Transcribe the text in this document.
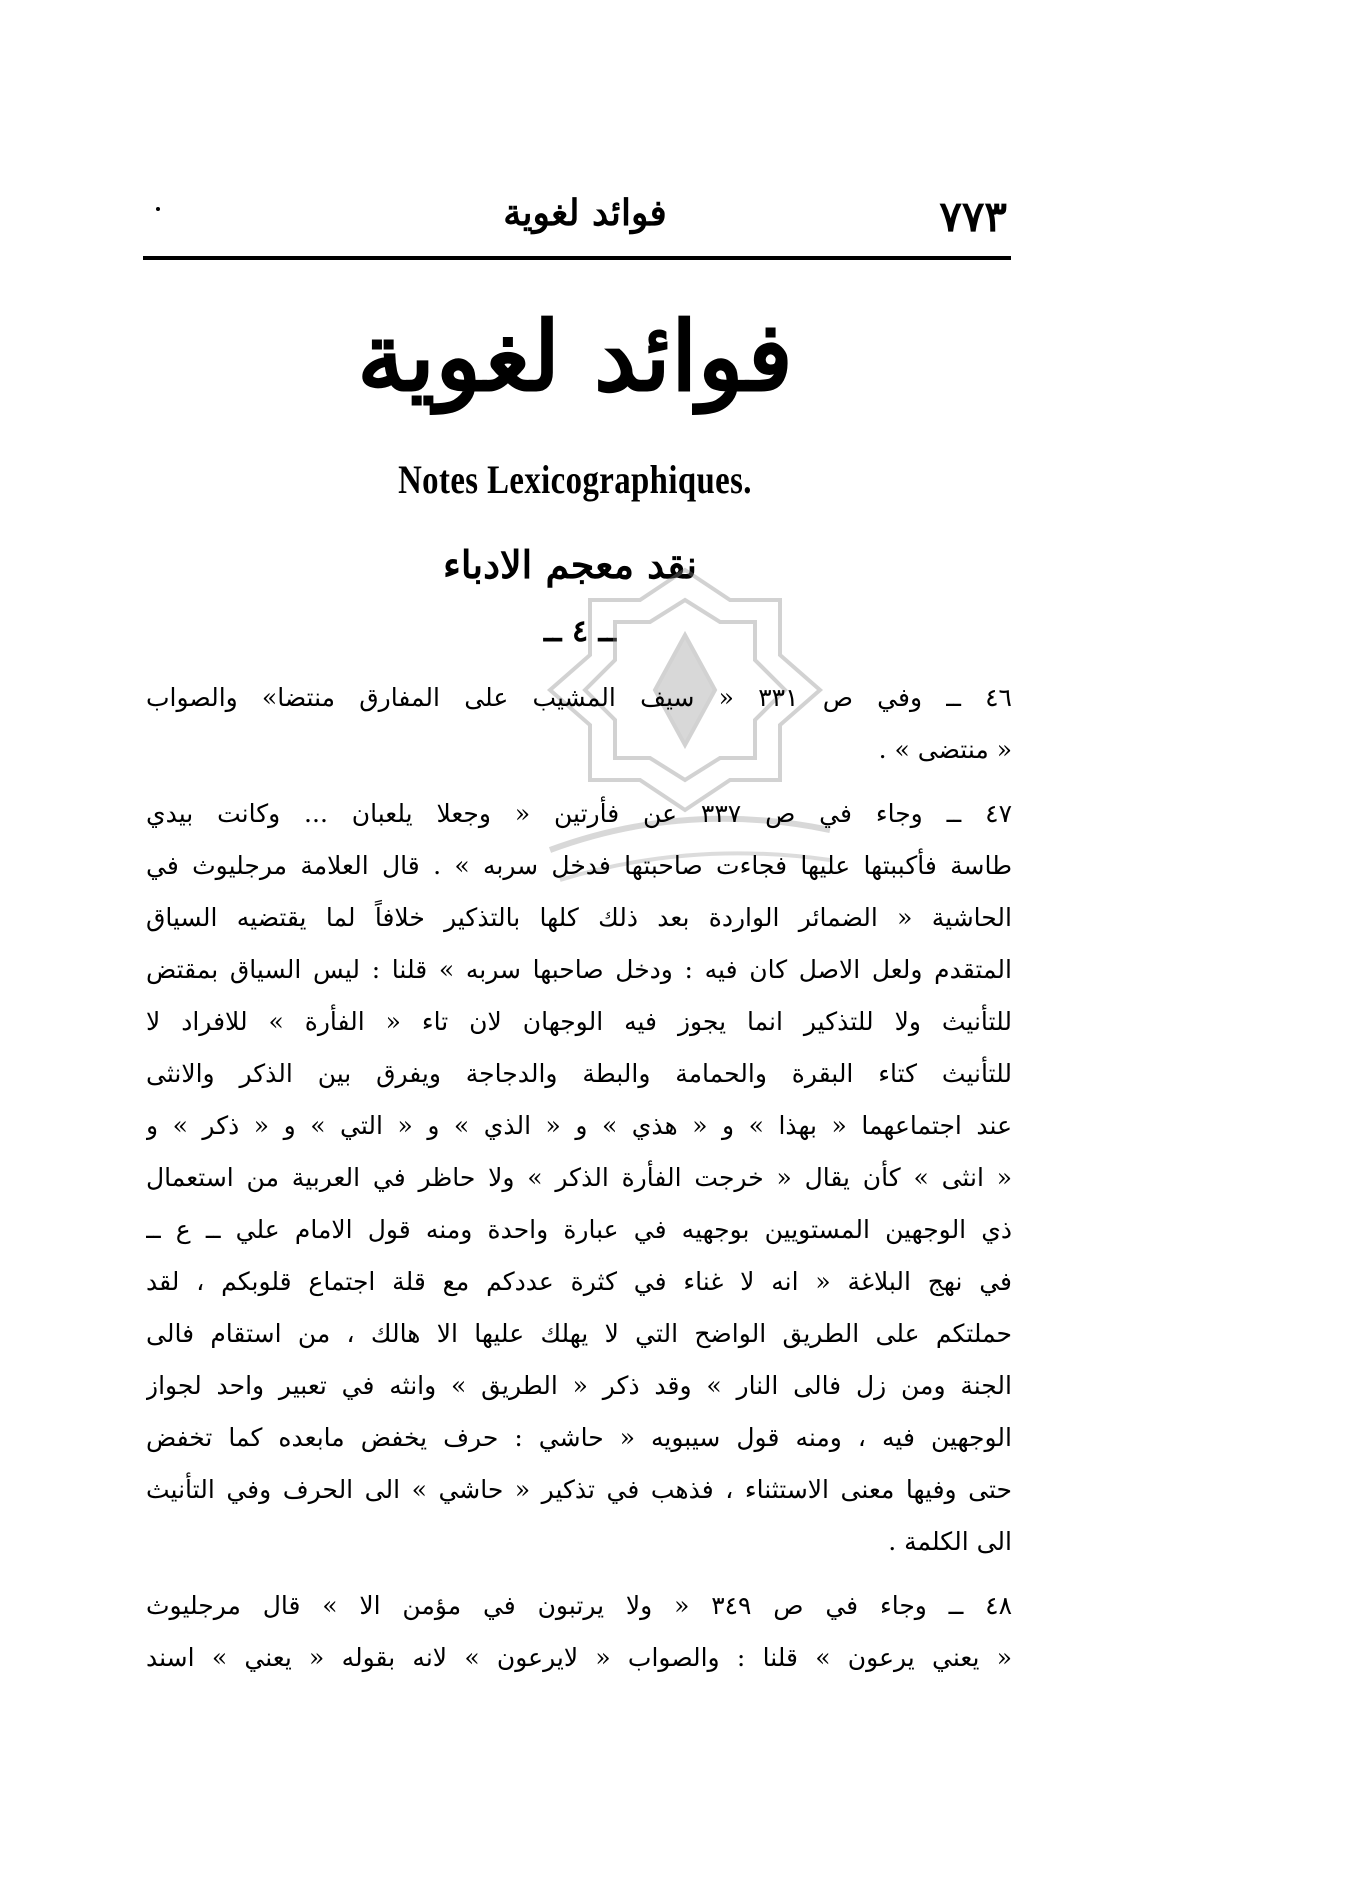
٧٧٣
فوائد لغوية
فوائد لغوية
Notes Lexicographiques.
نقد معجم الادباء
ــ ٤ ــ
٤٦ ــ وفي ص ٣٣١ « سيف المشيب على المفارق منتضا» والصواب
« منتضى » .
٤٧ ــ وجاء في ص ٣٣٧ عن فأرتين « وجعلا يلعبان ... وكانت بيدي
طاسة فأكببتها عليها فجاءت صاحبتها فدخل سربه » . قال العلامة مرجليوث في
الحاشية « الضمائر الواردة بعد ذلك كلها بالتذكير خلافاً لما يقتضيه السياق
المتقدم ولعل الاصل كان فيه : ودخل صاحبها سربه » قلنا : ليس السياق بمقتض
للتأنيث ولا للتذكير انما يجوز فيه الوجهان لان تاء « الفأرة » للافراد لا
للتأنيث كتاء البقرة والحمامة والبطة والدجاجة ويفرق بين الذكر والانثى
عند اجتماعهما « بهذا » و « هذي » و « الذي » و « التي » و « ذكر » و
« انثى » كأن يقال « خرجت الفأرة الذكر » ولا حاظر في العربية من استعمال
ذي الوجهين المستويين بوجهيه في عبارة واحدة ومنه قول الامام علي ــ ع ــ
في نهج البلاغة « انه لا غناء في كثرة عددكم مع قلة اجتماع قلوبكم ، لقد
حملتكم على الطريق الواضح التي لا يهلك عليها الا هالك ، من استقام فالى
الجنة ومن زل فالى النار » وقد ذكر « الطريق » وانثه في تعبير واحد لجواز
الوجهين فيه ، ومنه قول سيبويه « حاشي : حرف يخفض مابعده كما تخفض
حتى وفيها معنى الاستثناء ، فذهب في تذكير « حاشي » الى الحرف وفي التأنيث
الى الكلمة .
٤٨ ــ وجاء في ص ٣٤٩ « ولا يرتبون في مؤمن الا » قال مرجليوث
« يعني يرعون » قلنا : والصواب « لايرعون » لانه بقوله « يعني » اسند
